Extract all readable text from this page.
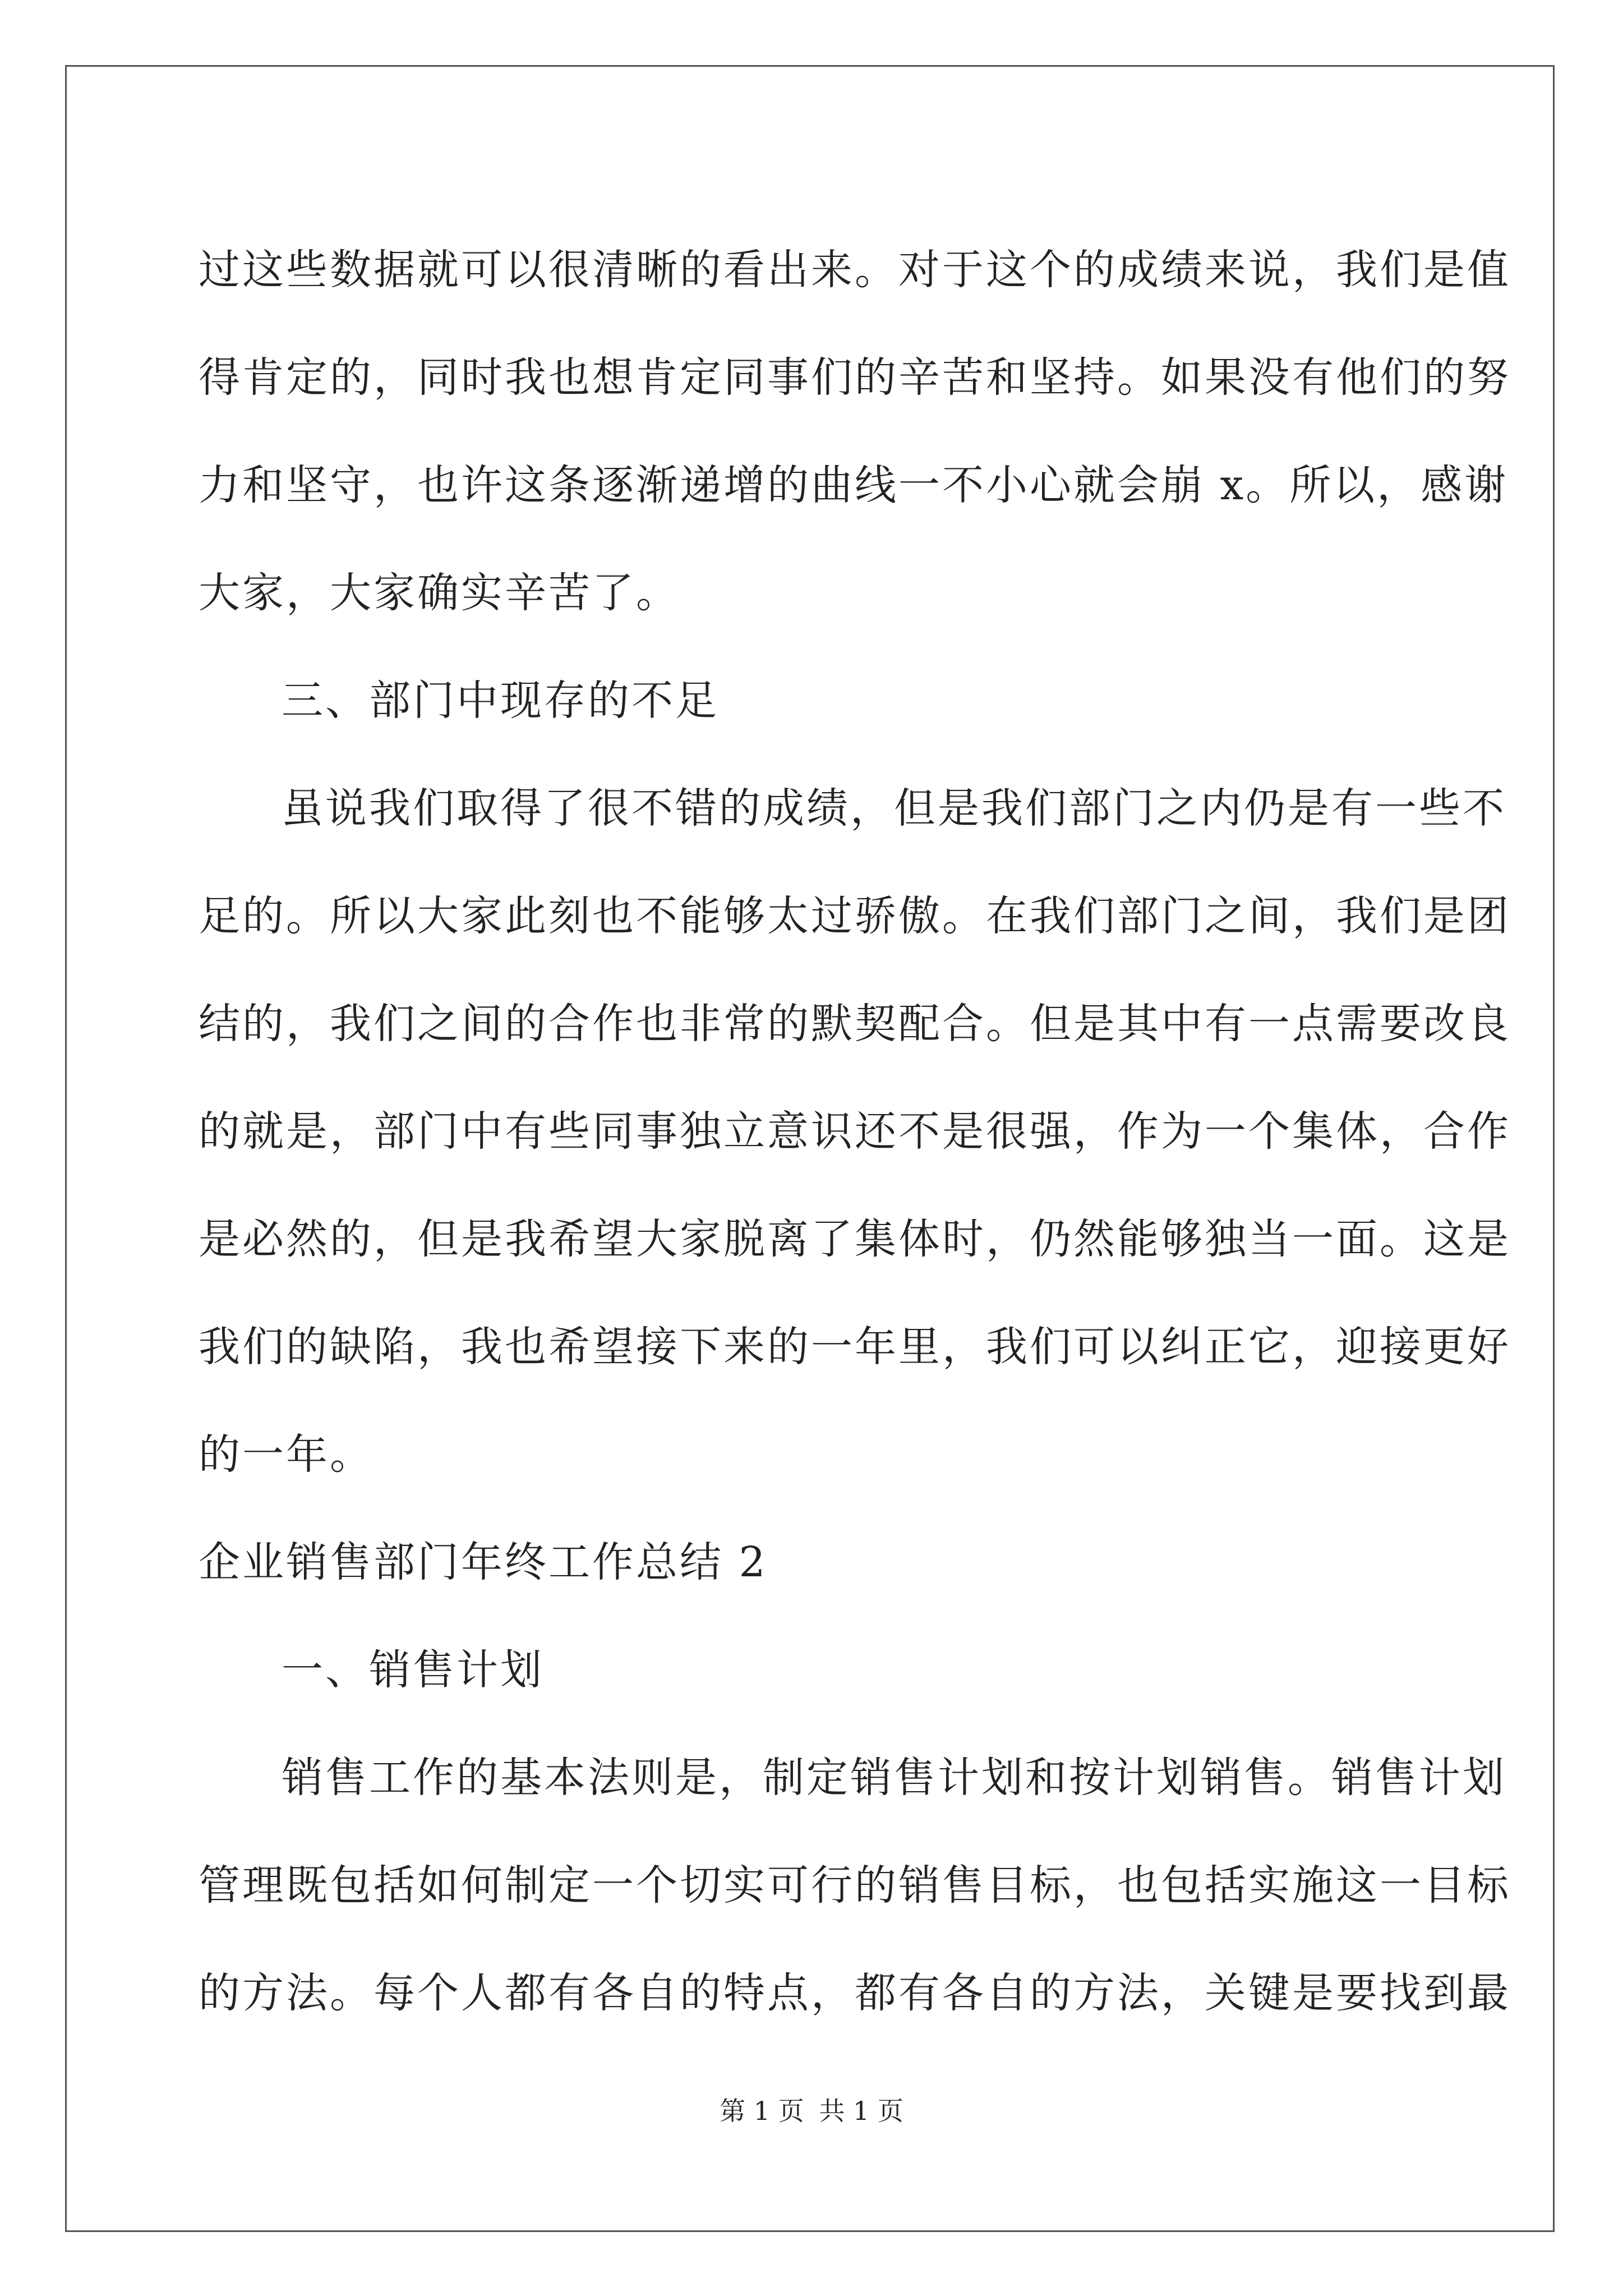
过这些数据就可以很清晰的看出来。对于这个的成绩来说，我们是值
得肯定的，同时我也想肯定同事们的辛苦和坚持。如果没有他们的努
力和坚守，也许这条逐渐递增的曲线一不小心就会崩 x。所以，感谢
大家，大家确实辛苦了。
三、部门中现存的不足
虽说我们取得了很不错的成绩，但是我们部门之内仍是有一些不
足的。所以大家此刻也不能够太过骄傲。在我们部门之间，我们是团
结的，我们之间的合作也非常的默契配合。但是其中有一点需要改良
的就是，部门中有些同事独立意识还不是很强，作为一个集体，合作
是必然的，但是我希望大家脱离了集体时，仍然能够独当一面。这是
我们的缺陷，我也希望接下来的一年里，我们可以纠正它，迎接更好
的一年。
企业销售部门年终工作总结 2
一、销售计划
销售工作的基本法则是，制定销售计划和按计划销售。销售计划
管理既包括如何制定一个切实可行的销售目标，也包括实施这一目标
的方法。每个人都有各自的特点，都有各自的方法，关键是要找到最
第 1 页 共 1 页
